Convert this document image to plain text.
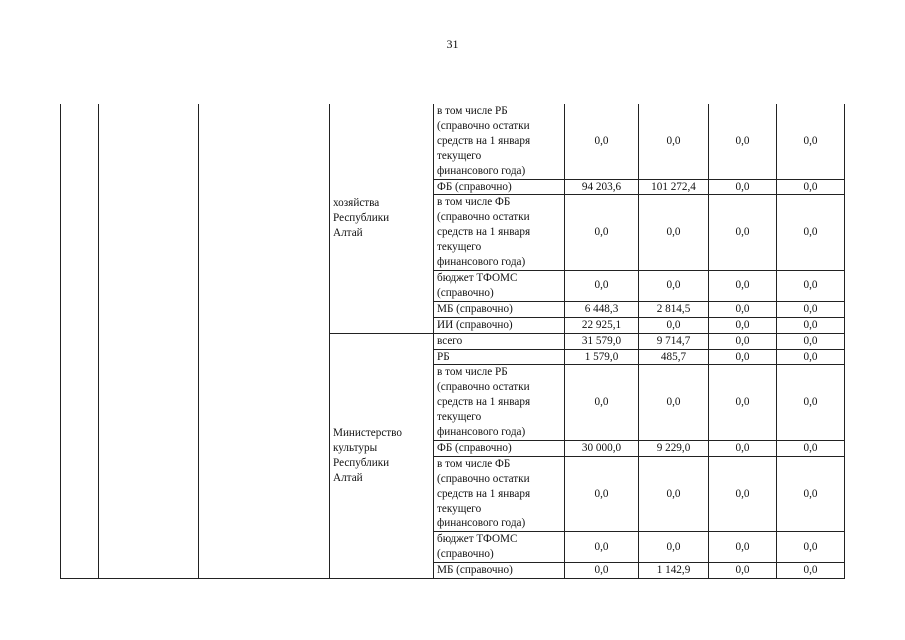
31
			хозяйства
Республики
Алтай	в том числе РБ
(справочно остатки
средств на 1 января
текущего
финансового года)	0,0	0,0	0,0	0,0
				ФБ (справочно)	94 203,6	101 272,4	0,0	0,0
				в том числе ФБ
(справочно остатки
средств на 1 января
текущего
финансового года)	0,0	0,0	0,0	0,0
				бюджет ТФОМС
(справочно)	0,0	0,0	0,0	0,0
				МБ (справочно)	6 448,3	2 814,5	0,0	0,0
				ИИ (справочно)	22 925,1	0,0	0,0	0,0
			Министерство
культуры
Республики
Алтай	всего	31 579,0	9 714,7	0,0	0,0
				РБ	1 579,0	485,7	0,0	0,0
				в том числе РБ
(справочно остатки
средств на 1 января
текущего
финансового года)	0,0	0,0	0,0	0,0
				ФБ (справочно)	30 000,0	9 229,0	0,0	0,0
				в том числе ФБ
(справочно остатки
средств на 1 января
текущего
финансового года)	0,0	0,0	0,0	0,0
				бюджет ТФОМС
(справочно)	0,0	0,0	0,0	0,0
				МБ (справочно)	0,0	1 142,9	0,0	0,0
